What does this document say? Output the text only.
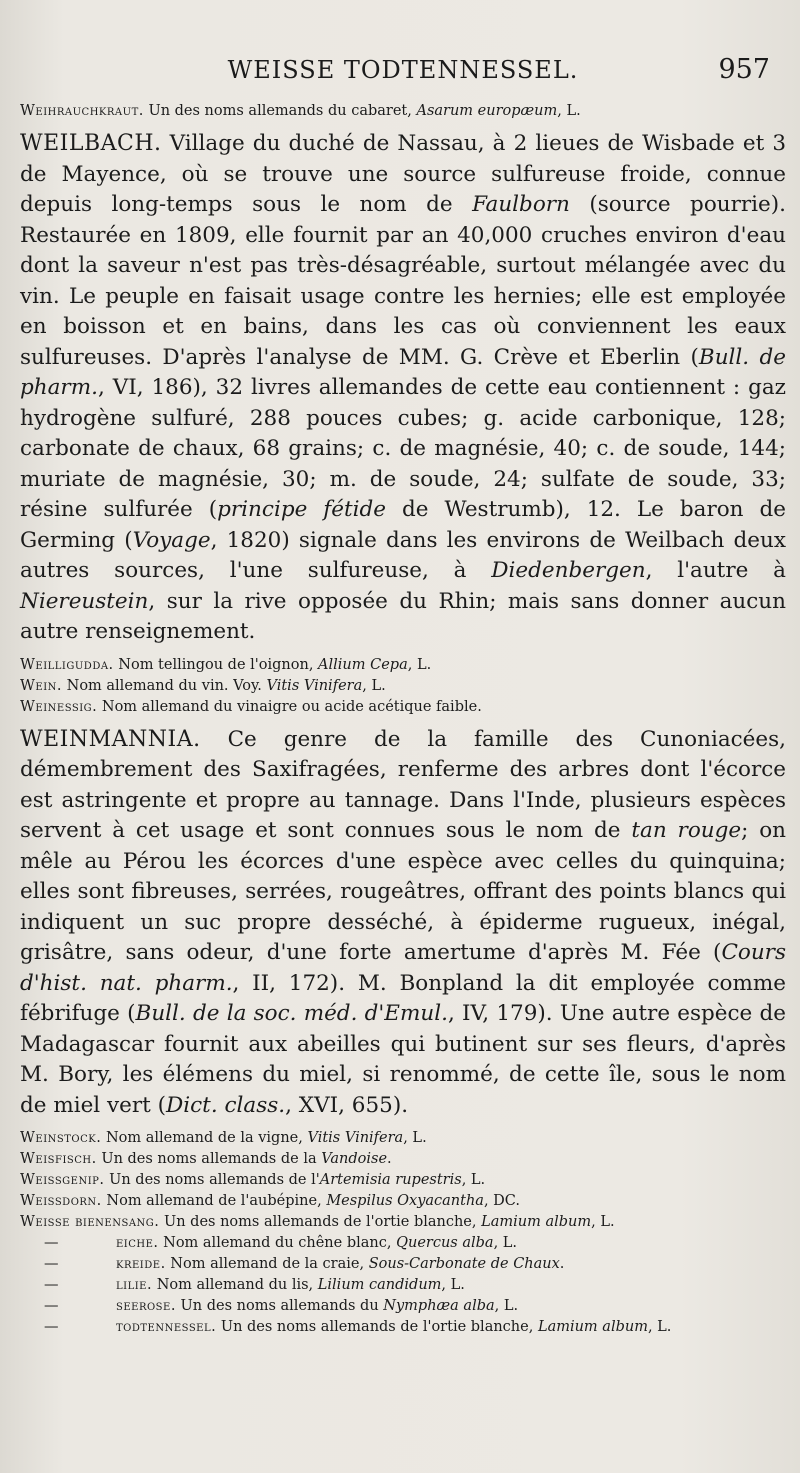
WEISSE TODTENNESSEL.	957

Weihrauchkraut. Un des noms allemands du cabaret, Asarum europæum, L.

WEILBACH. Village du duché de Nassau, à 2 lieues de Wisbade et 3 de Mayence, où se trouve une source sulfureuse froide, connue depuis long-temps sous le nom de Faulborn (source pourrie). Restaurée en 1809, elle fournit par an 40,000 cruches environ d'eau dont la saveur n'est pas très-désagréable, surtout mélangée avec du vin. Le peuple en faisait usage contre les hernies; elle est employée en boisson et en bains, dans les cas où conviennent les eaux sulfureuses. D'après l'analyse de MM. G. Crève et Eberlin (Bull. de pharm., VI, 186), 32 livres allemandes de cette eau contiennent : gaz hydrogène sulfuré, 288 pouces cubes; g. acide carbonique, 128; carbonate de chaux, 68 grains; c. de magnésie, 40; c. de soude, 144; muriate de magnésie, 30; m. de soude, 24; sulfate de soude, 33; résine sulfurée (principe fétide de Westrumb), 12. Le baron de Germing (Voyage, 1820) signale dans les environs de Weilbach deux autres sources, l'une sulfureuse, à Diedenbergen, l'autre à Niereustein, sur la rive opposée du Rhin; mais sans donner aucun autre renseignement.

Weilligudda. Nom tellingou de l'oignon, Allium Cepa, L.

Wein. Nom allemand du vin. Voy. Vitis Vinifera, L.

Weinessig. Nom allemand du vinaigre ou acide acétique faible.

WEINMANNIA. Ce genre de la famille des Cunoniacées, démembrement des Saxifragées, renferme des arbres dont l'écorce est astringente et propre au tannage. Dans l'Inde, plusieurs espèces servent à cet usage et sont connues sous le nom de tan rouge; on mêle au Pérou les écorces d'une espèce avec celles du quinquina; elles sont fibreuses, serrées, rougeâtres, offrant des points blancs qui indiquent un suc propre desséché, à épiderme rugueux, inégal, grisâtre, sans odeur, d'une forte amertume d'après M. Fée (Cours d'hist. nat. pharm., II, 172). M. Bonpland la dit employée comme fébrifuge (Bull. de la soc. méd. d'Emul., IV, 179). Une autre espèce de Madagascar fournit aux abeilles qui butinent sur ses fleurs, d'après M. Bory, les élémens du miel, si renommé, de cette île, sous le nom de miel vert (Dict. class., XVI, 655).

Weinstock. Nom allemand de la vigne, Vitis Vinifera, L.

Weisfisch. Un des noms allemands de la Vandoise.

Weissgenip. Un des noms allemands de l'Artemisia rupestris, L.

Weissdorn. Nom allemand de l'aubépine, Mespilus Oxyacantha, DC.

Weisse bienensang. Un des noms allemands de l'ortie blanche, Lamium album, L.

—	eiche. Nom allemand du chêne blanc, Quercus alba, L.

—	kreide. Nom allemand de la craie, Sous-Carbonate de Chaux.

—	lilie. Nom allemand du lis, Lilium candidum, L.

—	seerose. Un des noms allemands du Nymphæa alba, L.

—	todtennessel. Un des noms allemands de l'ortie blanche, Lamium album, L.
